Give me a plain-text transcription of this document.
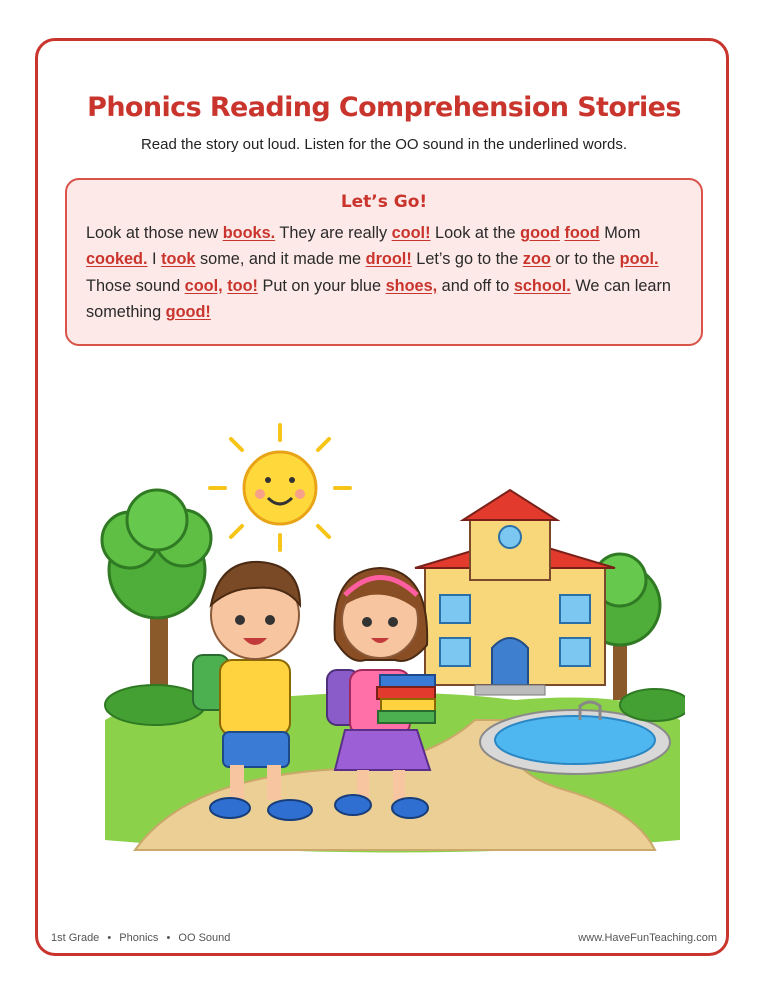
Phonics Reading Comprehension Stories
Read the story out loud. Listen for the OO sound in the underlined words.
Let’s Go!
Look at those new books. They are really cool! Look at the good food Mom cooked. I took some, and it made me drool! Let’s go to the zoo or to the pool. Those sound cool, too! Put on your blue shoes, and off to school. We can learn something good!
1st Grade • Phonics • OO Sound	www.HaveFunTeaching.com
